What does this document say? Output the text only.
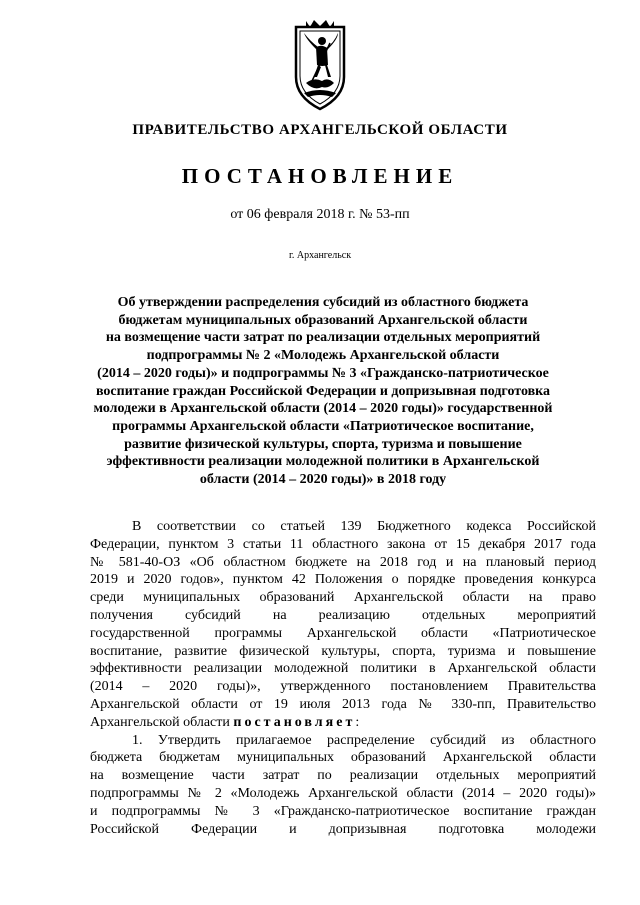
ПРАВИТЕЛЬСТВО АРХАНГЕЛЬСКОЙ ОБЛАСТИ
ПОСТАНОВЛЕНИЕ
от 06 февраля 2018 г. № 53-пп
г. Архангельск
Об утверждении распределения субсидий из областного бюджета
бюджетам муниципальных образований Архангельской области
на возмещение части затрат по реализации отдельных мероприятий
подпрограммы № 2 «Молодежь Архангельской области
(2014 – 2020 годы)» и подпрограммы № 3 «Гражданско-патриотическое
воспитание граждан Российской Федерации и допризывная подготовка
молодежи в Архангельской области (2014 – 2020 годы)» государственной
программы Архангельской области «Патриотическое воспитание,
развитие физической культуры, спорта, туризма и повышение
эффективности реализации молодежной политики в Архангельской
области (2014 – 2020 годы)» в 2018 году
В соответствии со статьей 139 Бюджетного кодекса Российской
Федерации, пунктом 3 статьи 11 областного закона от 15 декабря 2017 года
№ 581-40-ОЗ «Об областном бюджете на 2018 год и на плановый период
2019 и 2020 годов», пунктом 42 Положения о порядке проведения конкурса
среди муниципальных образований Архангельской области на право
получения субсидий на реализацию отдельных мероприятий
государственной программы Архангельской области «Патриотическое
воспитание, развитие физической культуры, спорта, туризма и повышение
эффективности реализации молодежной политики в Архангельской области
(2014 – 2020 годы)», утвержденного постановлением Правительства
Архангельской области от 19 июля 2013 года № 330-пп, Правительство
Архангельской области постановляет:
1. Утвердить прилагаемое распределение субсидий из областного
бюджета бюджетам муниципальных образований Архангельской области
на возмещение части затрат по реализации отдельных мероприятий
подпрограммы № 2 «Молодежь Архангельской области (2014 – 2020 годы)»
и подпрограммы № 3 «Гражданско-патриотическое воспитание граждан
Российской Федерации и допризывная подготовка молодежи
